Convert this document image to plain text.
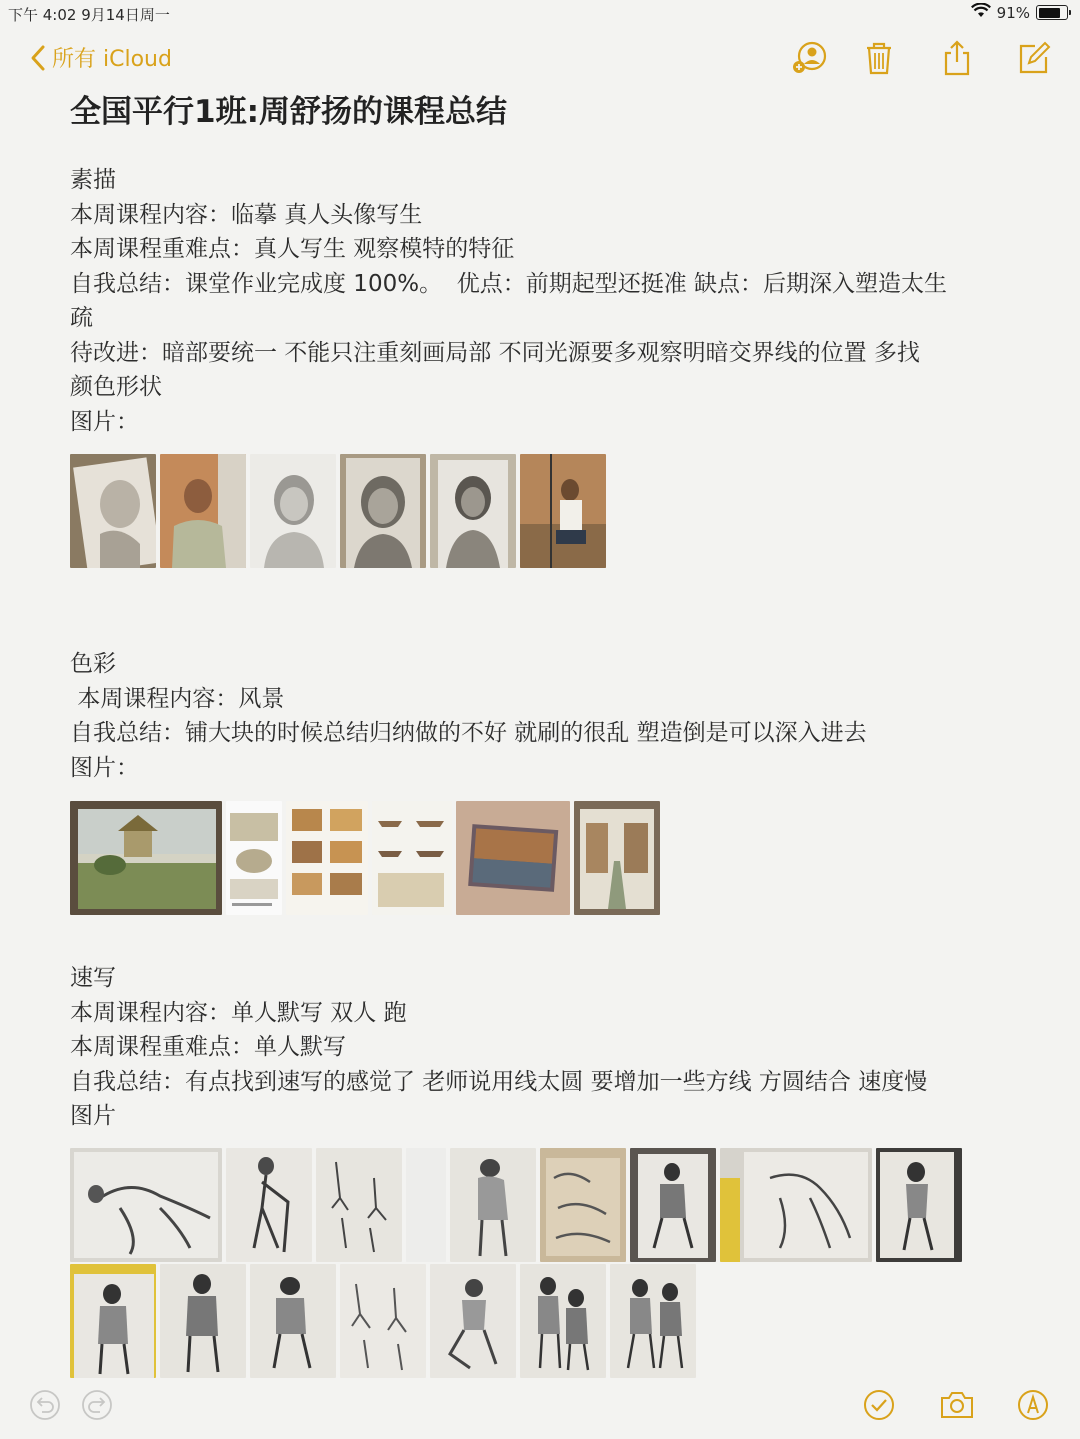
下午 4:02 9月14日周一	91%
所有 iCloud
全国平行1班:周舒扬的课程总结
素描
本周课程内容：临摹 真人头像写生
本周课程重难点：真人写生 观察模特的特征
自我总结：课堂作业完成度 100%。  优点：前期起型还挺准 缺点：后期深入塑造太生
疏
待改进：暗部要统一 不能只注重刻画局部 不同光源要多观察明暗交界线的位置 多找
颜色形状
图片：
色彩
本周课程内容：风景
自我总结：铺大块的时候总结归纳做的不好 就刷的很乱 塑造倒是可以深入进去
图片：
速写
本周课程内容：单人默写 双人 跑
本周课程重难点：单人默写
自我总结：有点找到速写的感觉了 老师说用线太圆 要增加一些方线 方圆结合 速度慢
图片
